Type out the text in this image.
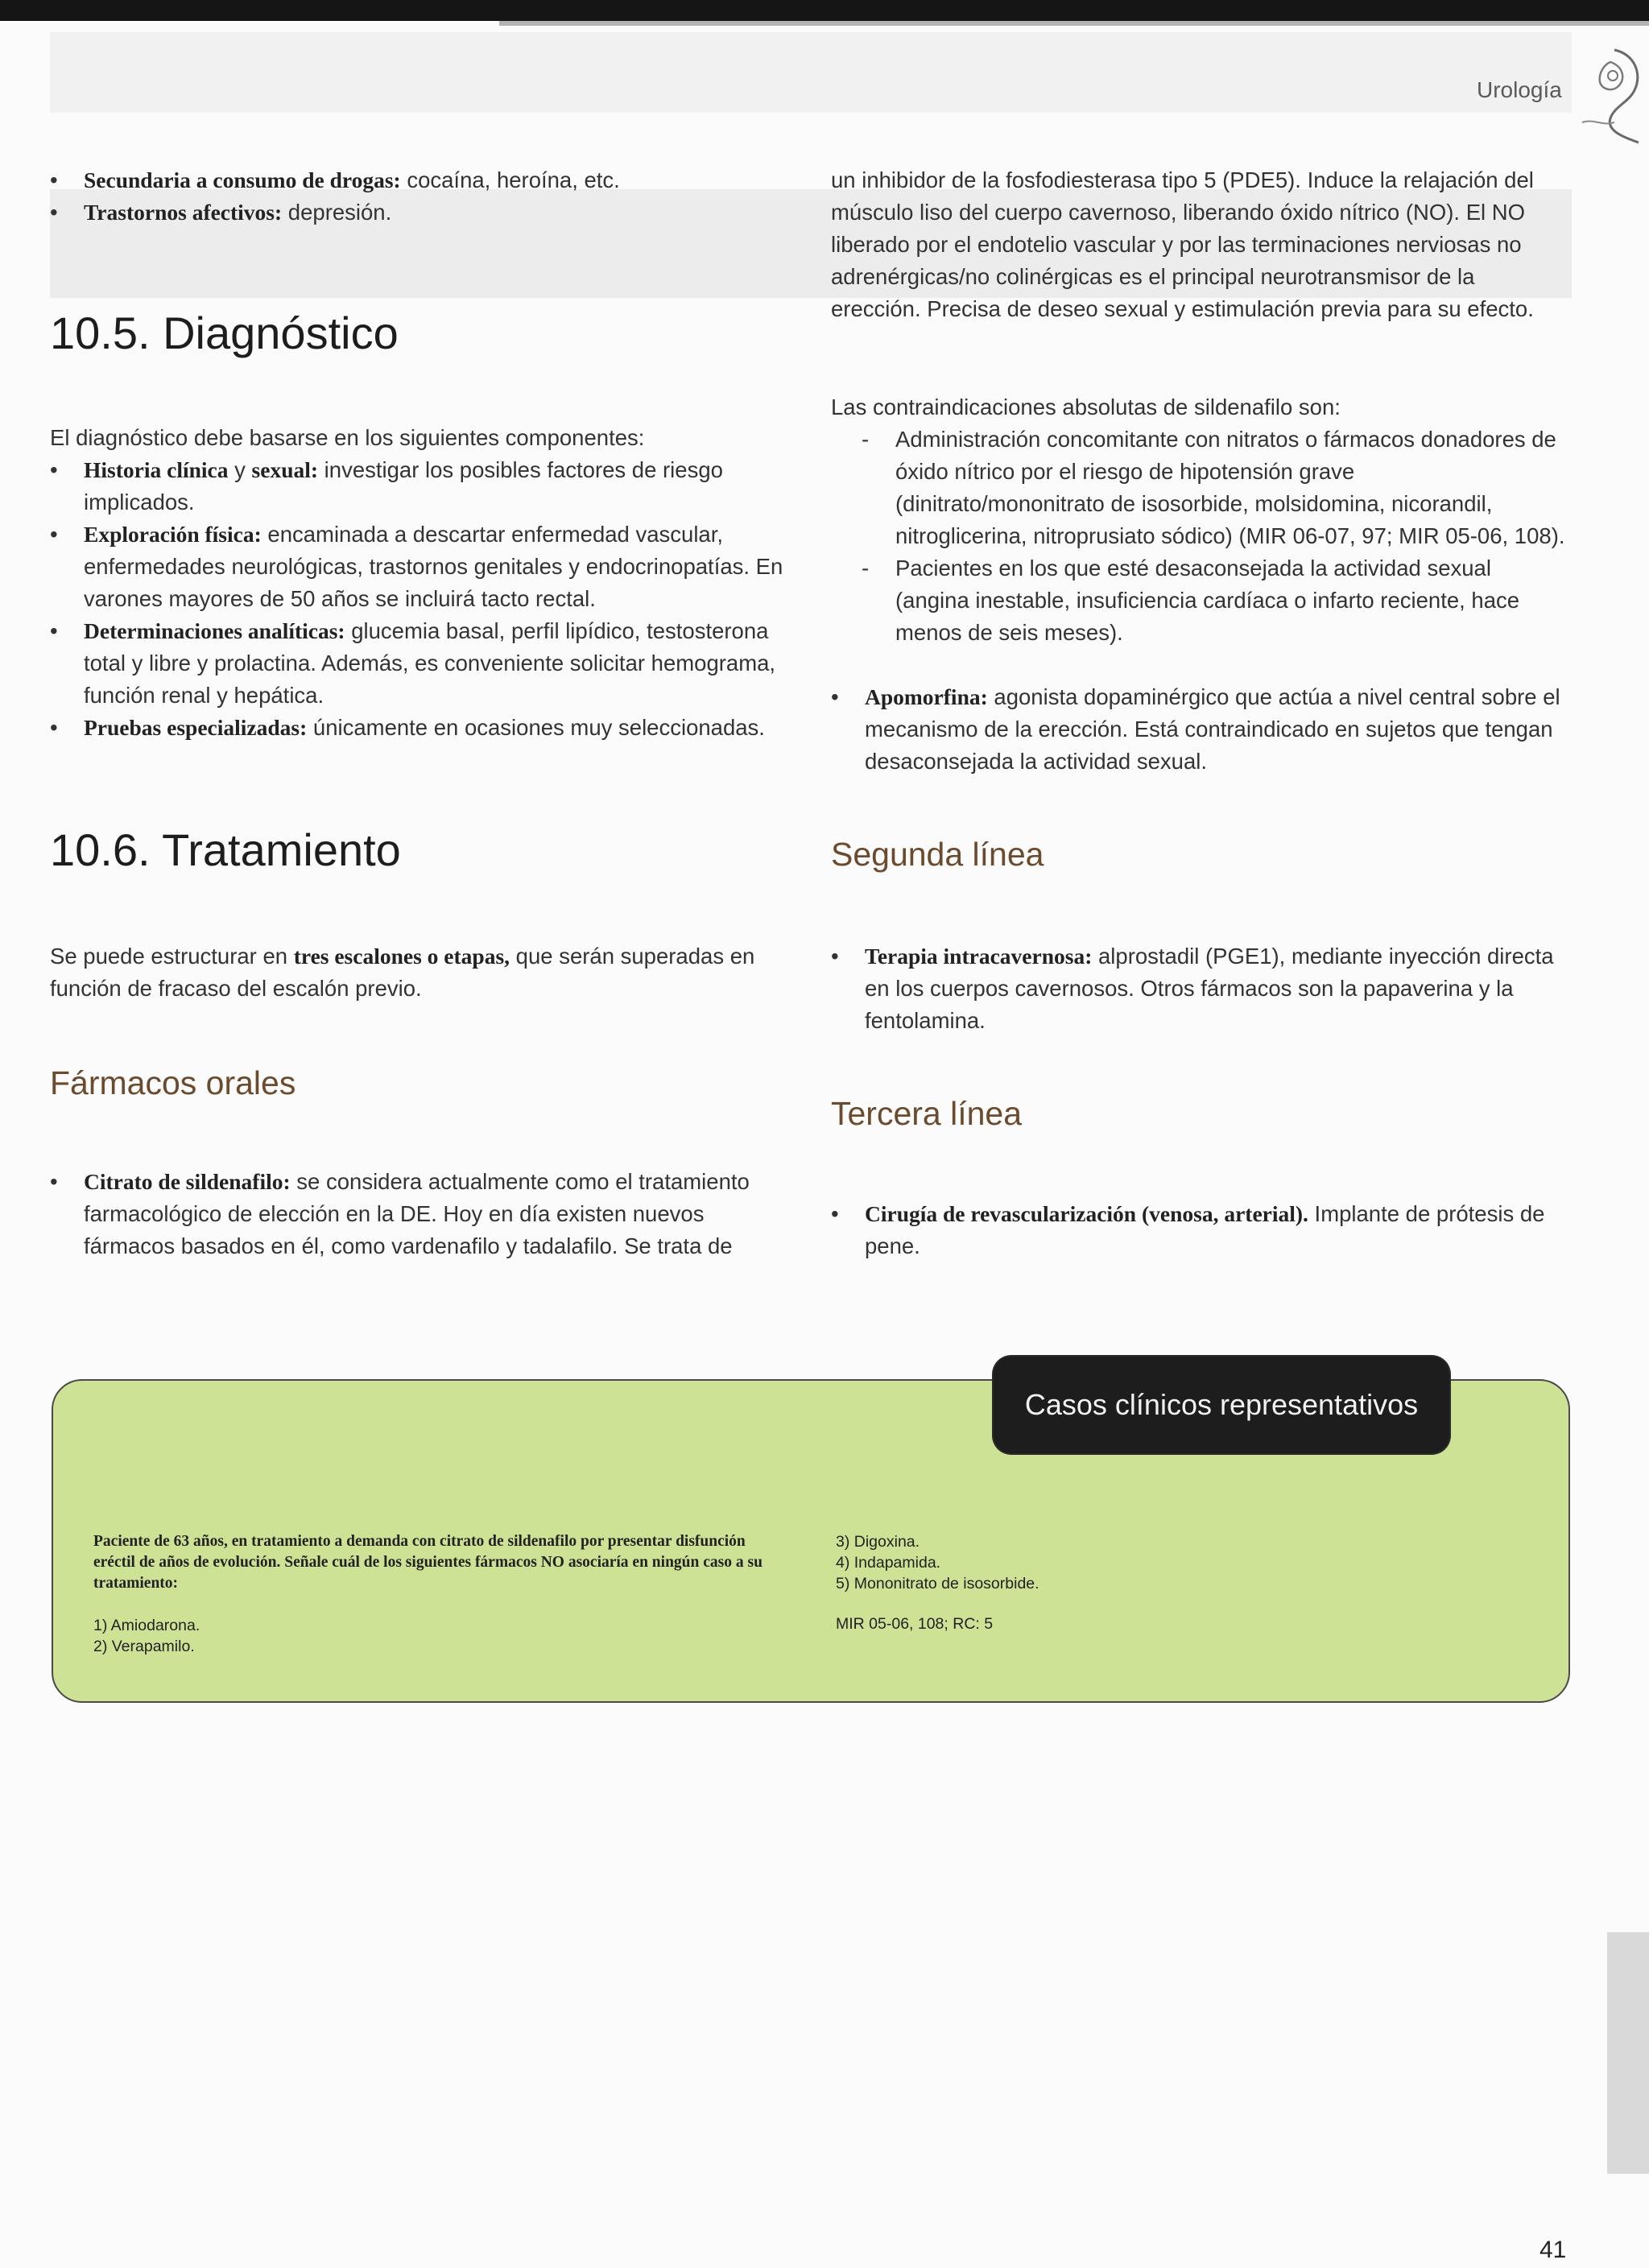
Urología

• Secundaria a consumo de drogas: cocaína, heroína, etc.

• Trastornos afectivos: depresión.

10.5. Diagnóstico

El diagnóstico debe basarse en los siguientes componentes:

• Historia clínica y sexual: investigar los posibles factores de riesgo implicados.

• Exploración física: encaminada a descartar enfermedad vascular, enfermedades neurológicas, trastornos genitales y endocrinopatías. En varones mayores de 50 años se incluirá tacto rectal.

• Determinaciones analíticas: glucemia basal, perfil lipídico, testosterona total y libre y prolactina. Además, es conveniente solicitar hemograma, función renal y hepática.

• Pruebas especializadas: únicamente en ocasiones muy seleccionadas.

10.6. Tratamiento

Se puede estructurar en tres escalones o etapas, que serán superadas en función de fracaso del escalón previo.

Fármacos orales

• Citrato de sildenafilo: se considera actualmente como el tratamiento farmacológico de elección en la DE. Hoy en día existen nuevos fármacos basados en él, como vardenafilo y tadalafilo. Se trata de

un inhibidor de la fosfodiesterasa tipo 5 (PDE5). Induce la relajación del músculo liso del cuerpo cavernoso, liberando óxido nítrico (NO). El NO liberado por el endotelio vascular y por las terminaciones nerviosas no adrenérgicas/no colinérgicas es el principal neurotransmisor de la erección. Precisa de deseo sexual y estimulación previa para su efecto.

Las contraindicaciones absolutas de sildenafilo son:

- Administración concomitante con nitratos o fármacos donadores de óxido nítrico por el riesgo de hipotensión grave (dinitrato/mononitrato de isosorbide, molsidomina, nicorandil, nitroglicerina, nitroprusiato sódico) (MIR 06-07, 97; MIR 05-06, 108).

- Pacientes en los que esté desaconsejada la actividad sexual (angina inestable, insuficiencia cardíaca o infarto reciente, hace menos de seis meses).

• Apomorfina: agonista dopaminérgico que actúa a nivel central sobre el mecanismo de la erección. Está contraindicado en sujetos que tengan desaconsejada la actividad sexual.

Segunda línea

• Terapia intracavernosa: alprostadil (PGE1), mediante inyección directa en los cuerpos cavernosos. Otros fármacos son la papaverina y la fentolamina.

Tercera línea

• Cirugía de revascularización (venosa, arterial). Implante de prótesis de pene.

Casos clínicos representativos

Paciente de 63 años, en tratamiento a demanda con citrato de sildenafilo por presentar disfunción eréctil de años de evolución. Señale cuál de los siguientes fármacos NO asociaría en ningún caso a su tratamiento:

1) Amiodarona.

2) Verapamilo.

3) Digoxina.

4) Indapamida.

5) Mononitrato de isosorbide.

MIR 05-06, 108; RC: 5

41
